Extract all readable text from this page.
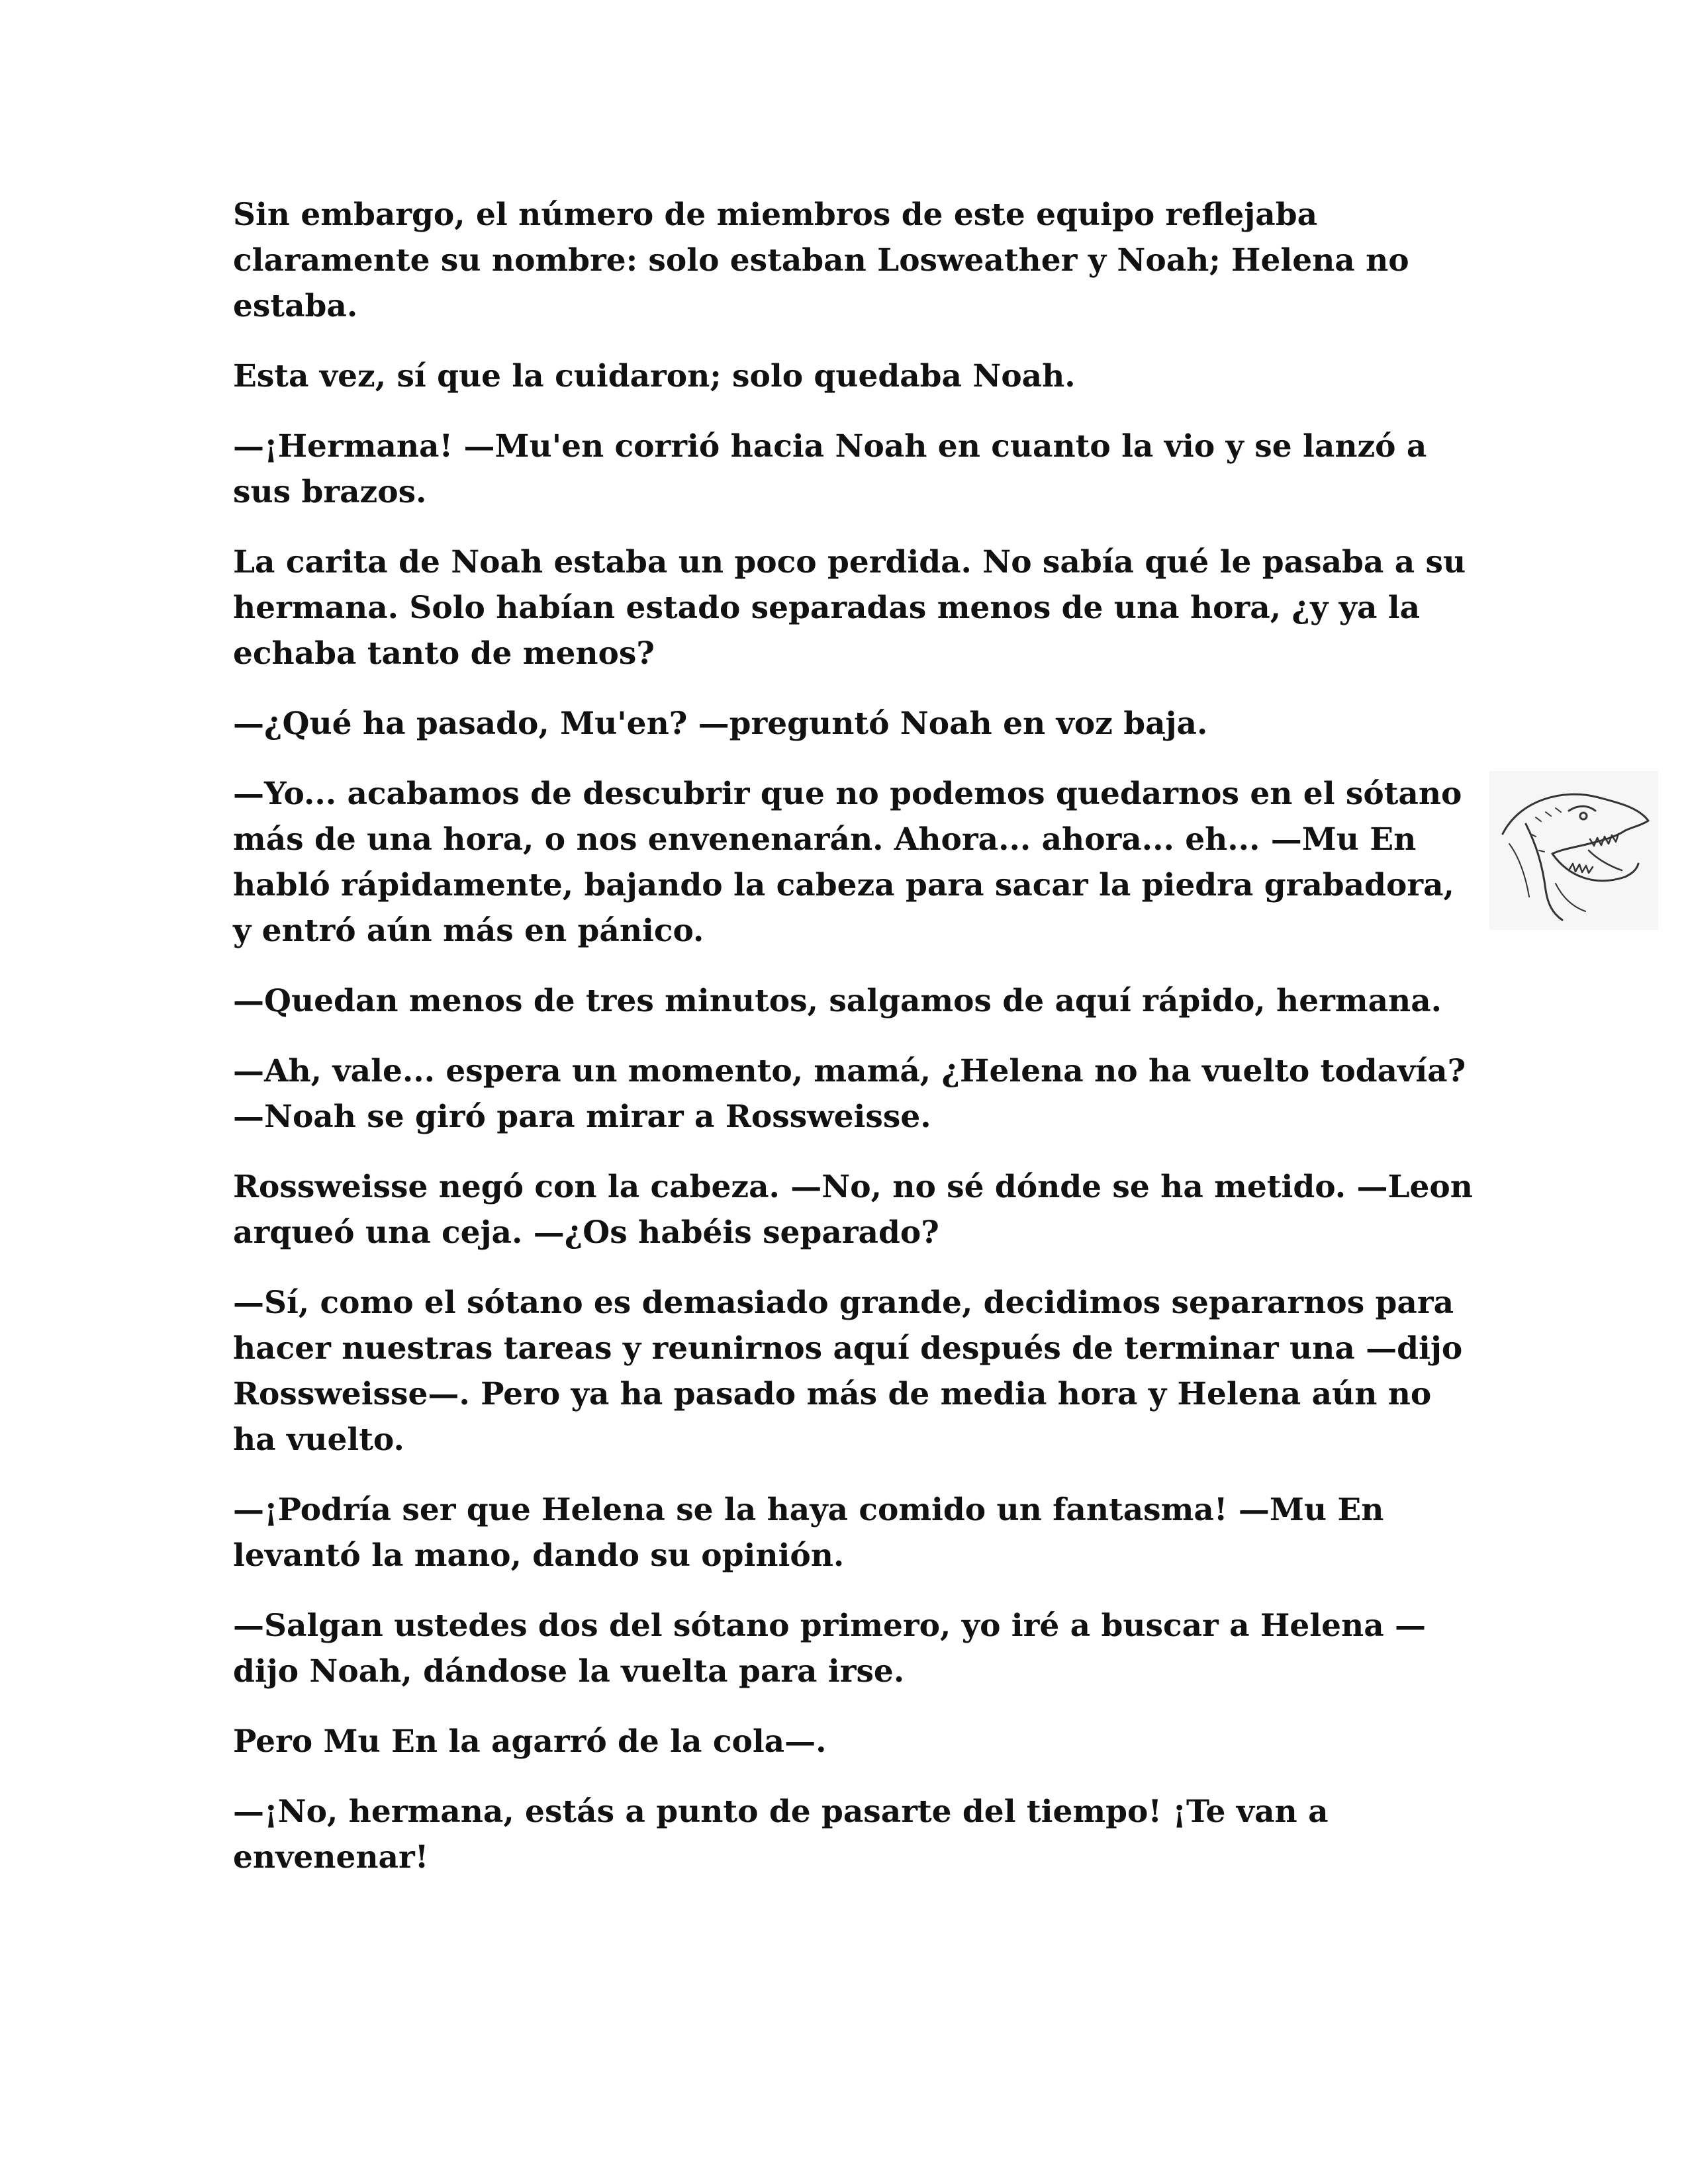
Sin embargo, el número de miembros de este equipo reflejaba claramente su nombre: solo estaban Losweather y Noah; Helena no estaba.

Esta vez, sí que la cuidaron; solo quedaba Noah.

—¡Hermana! —Mu'en corrió hacia Noah en cuanto la vio y se lanzó a sus brazos.

La carita de Noah estaba un poco perdida. No sabía qué le pasaba a su hermana. Solo habían estado separadas menos de una hora, ¿y ya la echaba tanto de menos?

—¿Qué ha pasado, Mu'en? —preguntó Noah en voz baja.

—Yo... acabamos de descubrir que no podemos quedarnos en el sótano más de una hora, o nos envenenarán. Ahora... ahora... eh... —Mu En habló rápidamente, bajando la cabeza para sacar la piedra grabadora, y entró aún más en pánico.

—Quedan menos de tres minutos, salgamos de aquí rápido, hermana.

—Ah, vale... espera un momento, mamá, ¿Helena no ha vuelto todavía? —Noah se giró para mirar a Rossweisse.

Rossweisse negó con la cabeza. —No, no sé dónde se ha metido. —Leon arqueó una ceja. —¿Os habéis separado?

—Sí, como el sótano es demasiado grande, decidimos separarnos para hacer nuestras tareas y reunirnos aquí después de terminar una —dijo Rossweisse—. Pero ya ha pasado más de media hora y Helena aún no ha vuelto.

—¡Podría ser que Helena se la haya comido un fantasma! —Mu En levantó la mano, dando su opinión.

—Salgan ustedes dos del sótano primero, yo iré a buscar a Helena —dijo Noah, dándose la vuelta para irse.

Pero Mu En la agarró de la cola—.

—¡No, hermana, estás a punto de pasarte del tiempo! ¡Te van a envenenar!
